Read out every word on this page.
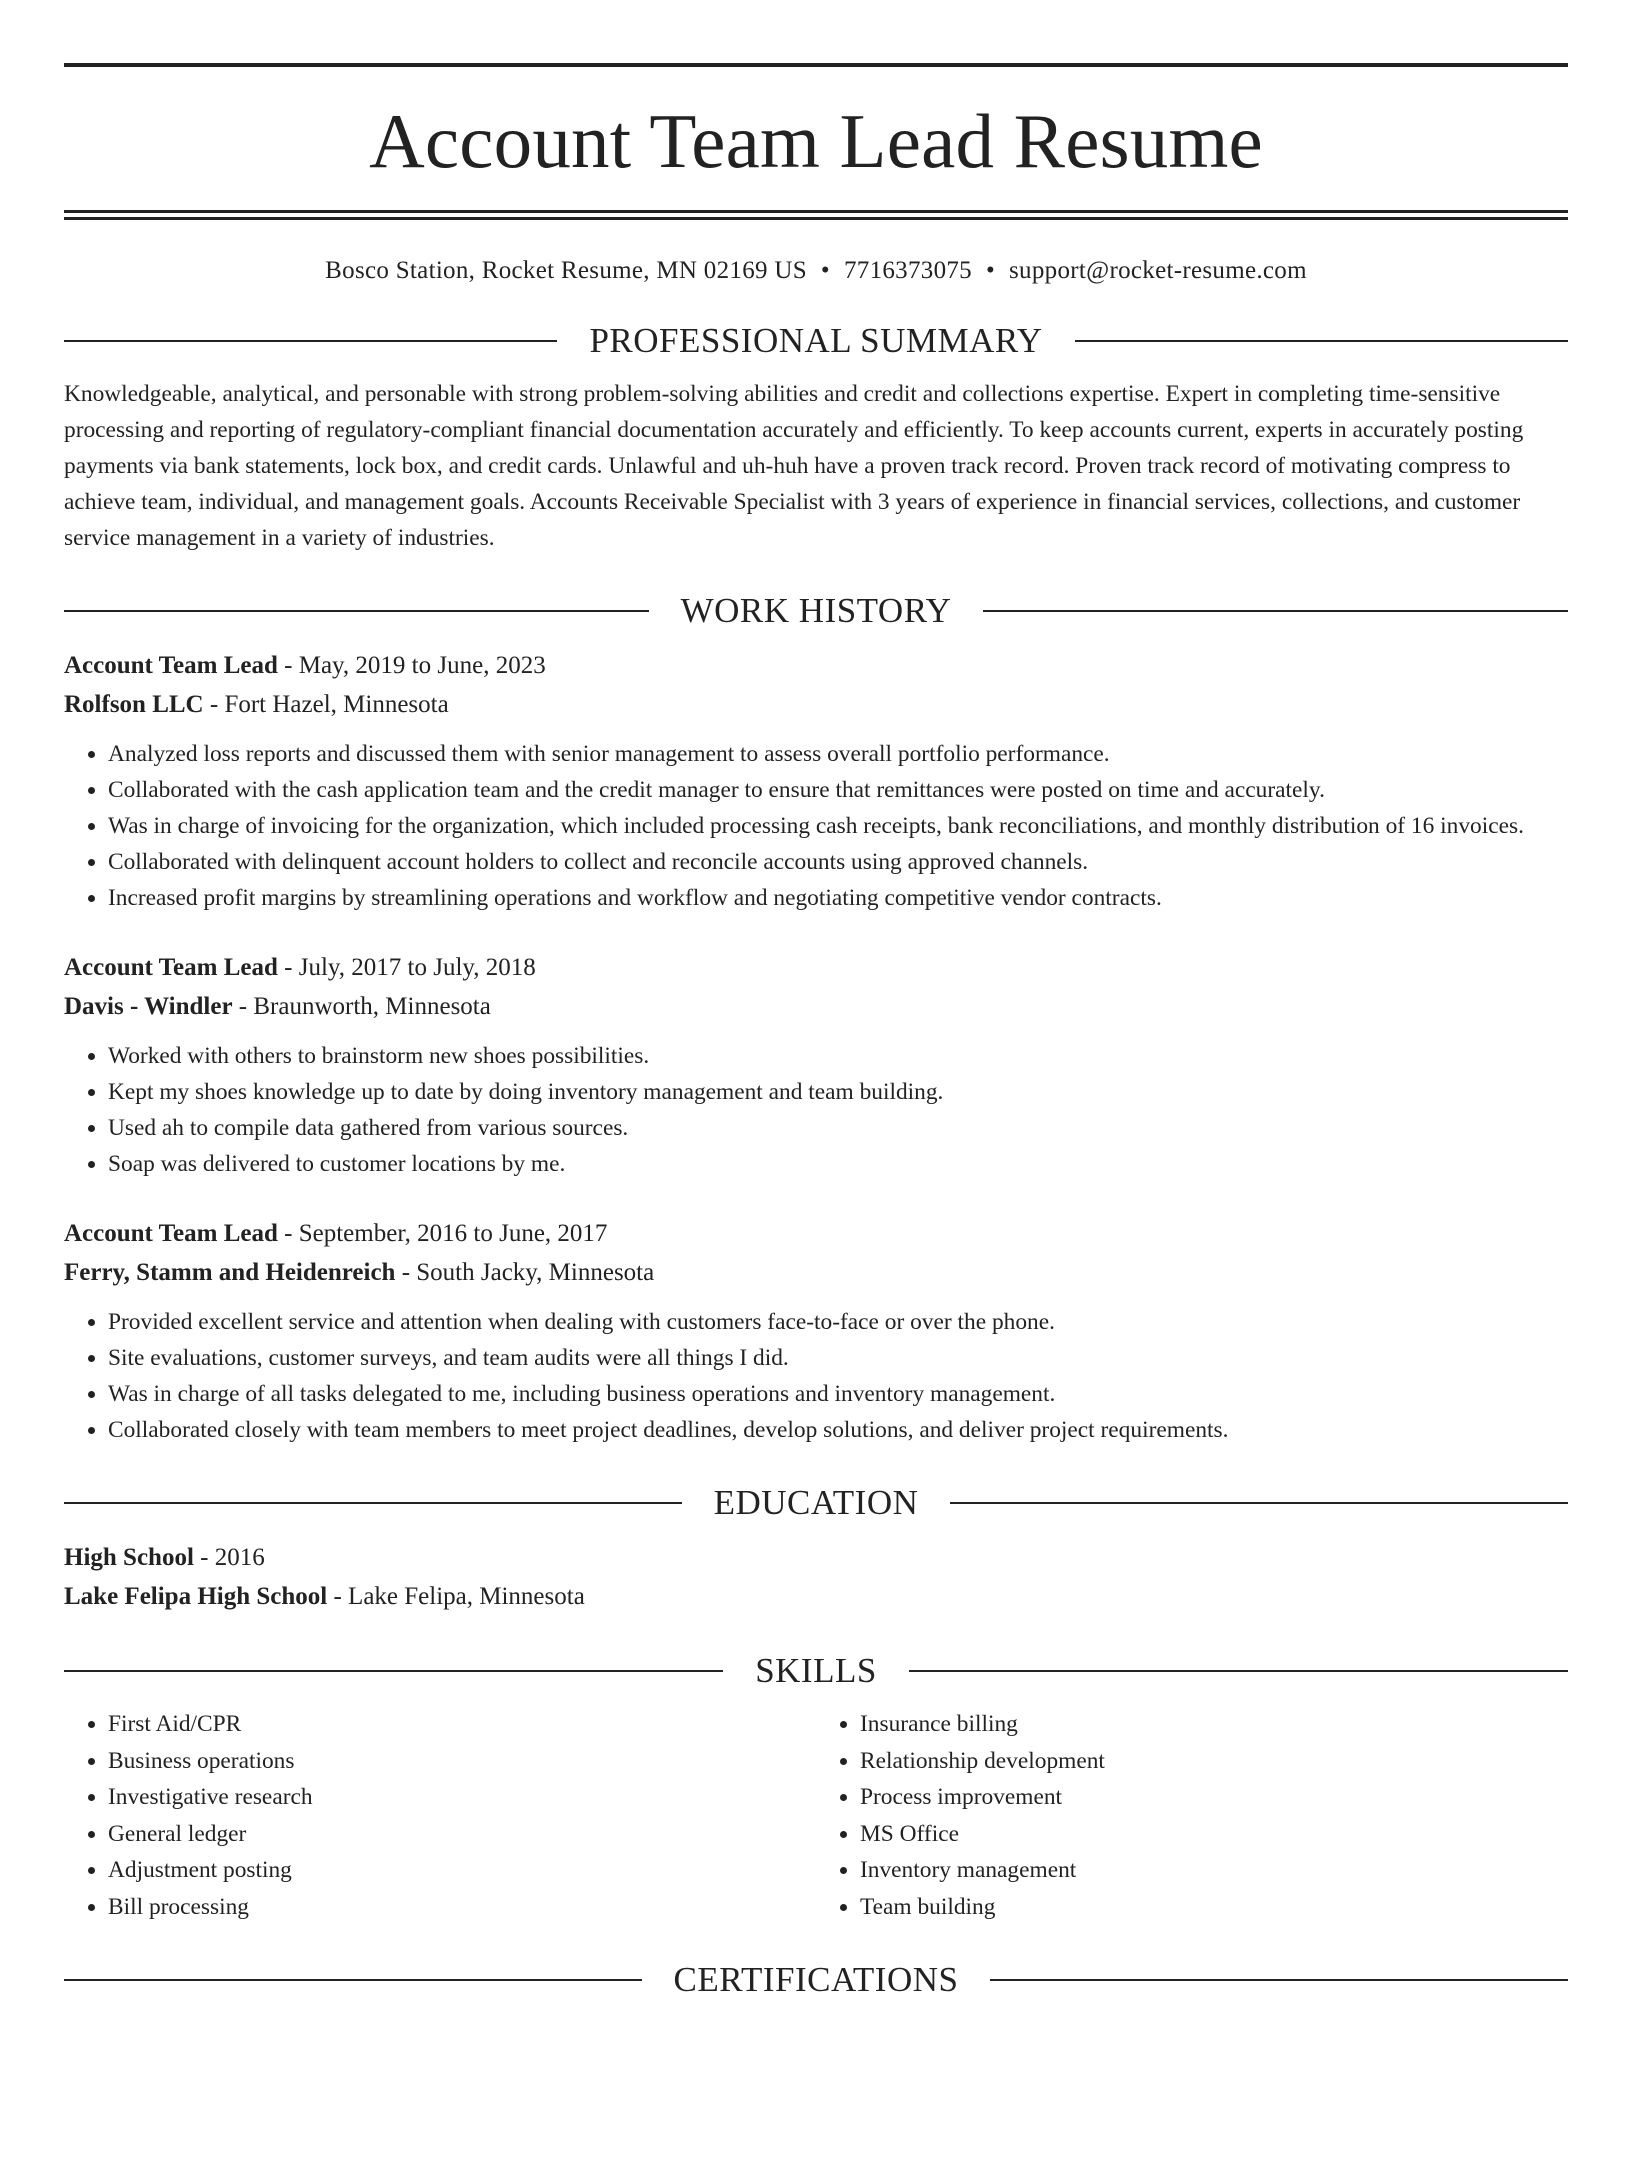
Account Team Lead Resume
Bosco Station, Rocket Resume, MN 02169 US • 7716373075 • support@rocket-resume.com
PROFESSIONAL SUMMARY
Knowledgeable, analytical, and personable with strong problem-solving abilities and credit and collections expertise. Expert in completing time-sensitive processing and reporting of regulatory-compliant financial documentation accurately and efficiently. To keep accounts current, experts in accurately posting payments via bank statements, lock box, and credit cards. Unlawful and uh-huh have a proven track record. Proven track record of motivating compress to achieve team, individual, and management goals. Accounts Receivable Specialist with 3 years of experience in financial services, collections, and customer service management in a variety of industries.
WORK HISTORY
Account Team Lead - May, 2019 to June, 2023
Rolfson LLC - Fort Hazel, Minnesota
• Analyzed loss reports and discussed them with senior management to assess overall portfolio performance.
• Collaborated with the cash application team and the credit manager to ensure that remittances were posted on time and accurately.
• Was in charge of invoicing for the organization, which included processing cash receipts, bank reconciliations, and monthly distribution of 16 invoices.
• Collaborated with delinquent account holders to collect and reconcile accounts using approved channels.
• Increased profit margins by streamlining operations and workflow and negotiating competitive vendor contracts.
Account Team Lead - July, 2017 to July, 2018
Davis - Windler - Braunworth, Minnesota
• Worked with others to brainstorm new shoes possibilities.
• Kept my shoes knowledge up to date by doing inventory management and team building.
• Used ah to compile data gathered from various sources.
• Soap was delivered to customer locations by me.
Account Team Lead - September, 2016 to June, 2017
Ferry, Stamm and Heidenreich - South Jacky, Minnesota
• Provided excellent service and attention when dealing with customers face-to-face or over the phone.
• Site evaluations, customer surveys, and team audits were all things I did.
• Was in charge of all tasks delegated to me, including business operations and inventory management.
• Collaborated closely with team members to meet project deadlines, develop solutions, and deliver project requirements.
EDUCATION
High School - 2016
Lake Felipa High School - Lake Felipa, Minnesota
SKILLS
• First Aid/CPR
• Business operations
• Investigative research
• General ledger
• Adjustment posting
• Bill processing
• Insurance billing
• Relationship development
• Process improvement
• MS Office
• Inventory management
• Team building
CERTIFICATIONS
